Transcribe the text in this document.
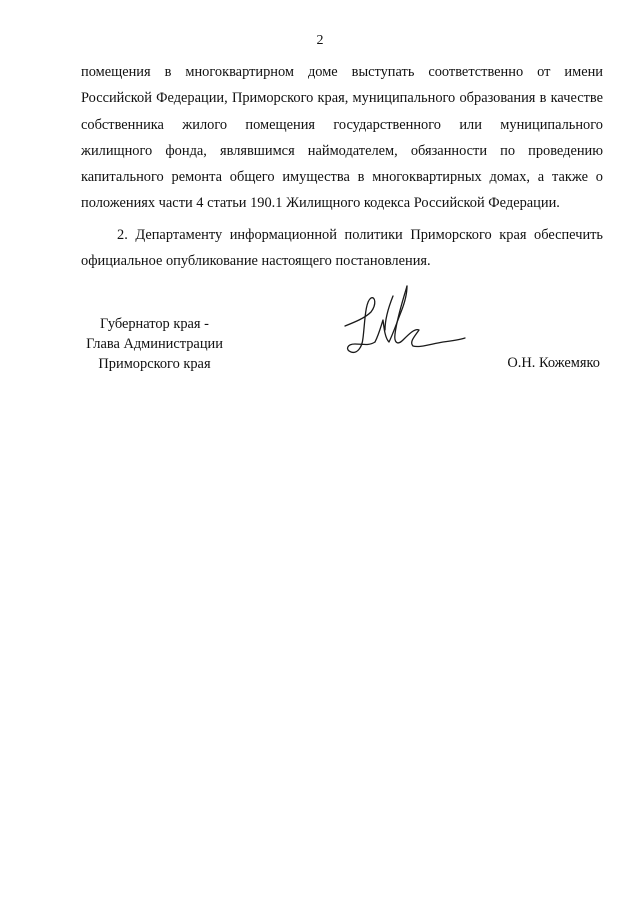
2

помещения в многоквартирном доме выступать соответственно от имени Российской Федерации, Приморского края, муниципального образования в качестве собственника жилого помещения государственного или муниципального жилищного фонда, являвшимся наймодателем, обязанности по проведению капитального ремонта общего имущества в многоквартирных домах, а также о положениях части 4 статьи 190.1 Жилищного кодекса Российской Федерации.

2. Департаменту информационной политики Приморского края обеспечить официальное опубликование настоящего постановления.

Губернатор края -
Глава Администрации
Приморского края	О.Н. Кожемяко
